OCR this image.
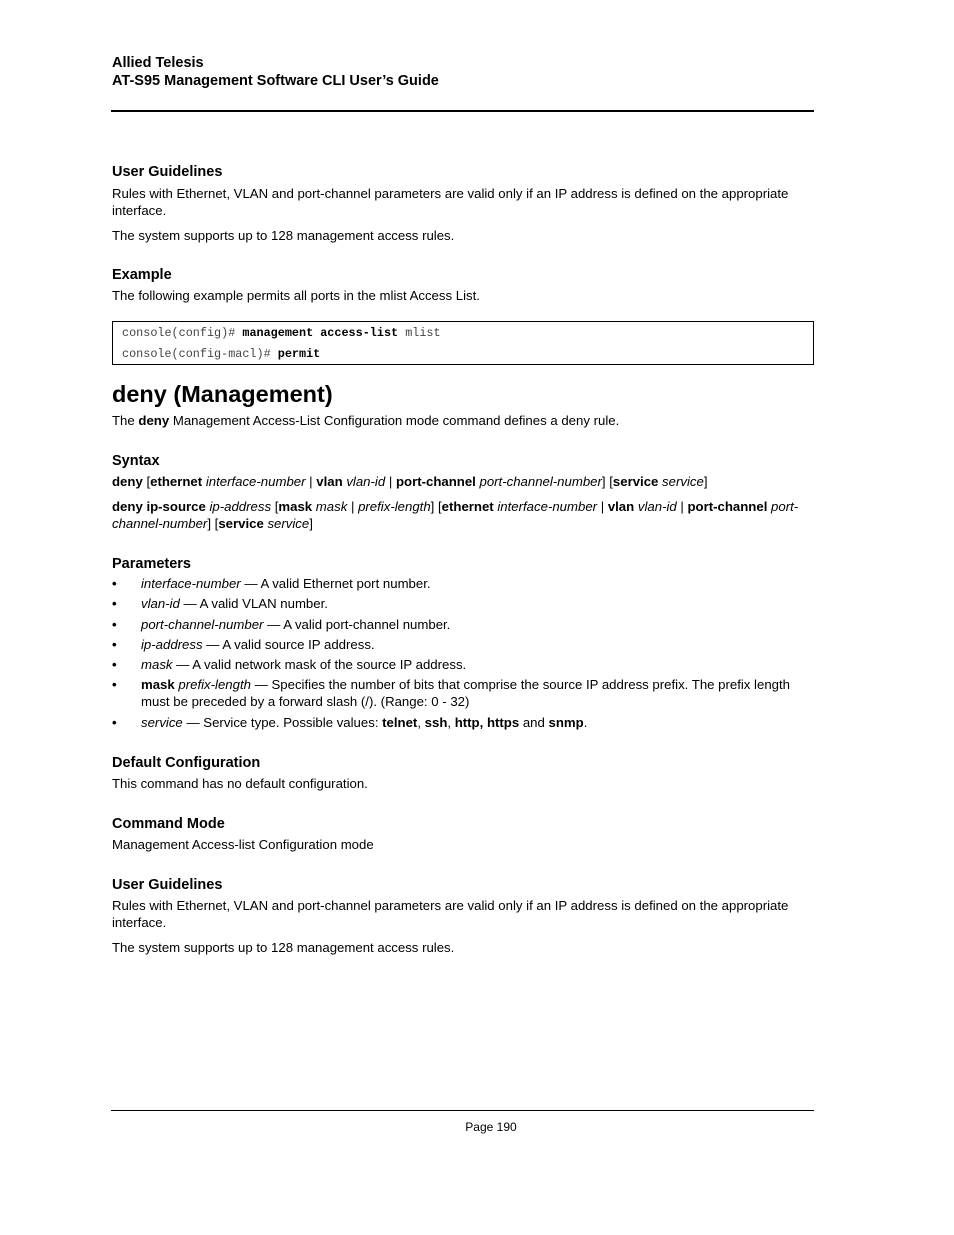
Allied Telesis
AT-S95 Management Software CLI User’s Guide
User Guidelines
Rules with Ethernet, VLAN and port-channel parameters are valid only if an IP address is defined on the appropriate interface.
The system supports up to 128 management access rules.
Example
The following example permits all ports in the mlist Access List.
console(config)# management access-list mlist
console(config-macl)# permit
deny (Management)
The deny Management Access-List Configuration mode command defines a deny rule.
Syntax
deny [ethernet interface-number | vlan vlan-id | port-channel port-channel-number] [service service]
deny ip-source ip-address [mask mask | prefix-length] [ethernet interface-number | vlan vlan-id | port-channel port-channel-number] [service service]
Parameters
• interface-number — A valid Ethernet port number.
• vlan-id — A valid VLAN number.
• port-channel-number — A valid port-channel number.
• ip-address — A valid source IP address.
• mask — A valid network mask of the source IP address.
• mask prefix-length — Specifies the number of bits that comprise the source IP address prefix. The prefix length must be preceded by a forward slash (/). (Range: 0 - 32)
• service — Service type. Possible values: telnet, ssh, http, https and snmp.
Default Configuration
This command has no default configuration.
Command Mode
Management Access-list Configuration mode
User Guidelines
Rules with Ethernet, VLAN and port-channel parameters are valid only if an IP address is defined on the appropriate interface.
The system supports up to 128 management access rules.
Page 190
